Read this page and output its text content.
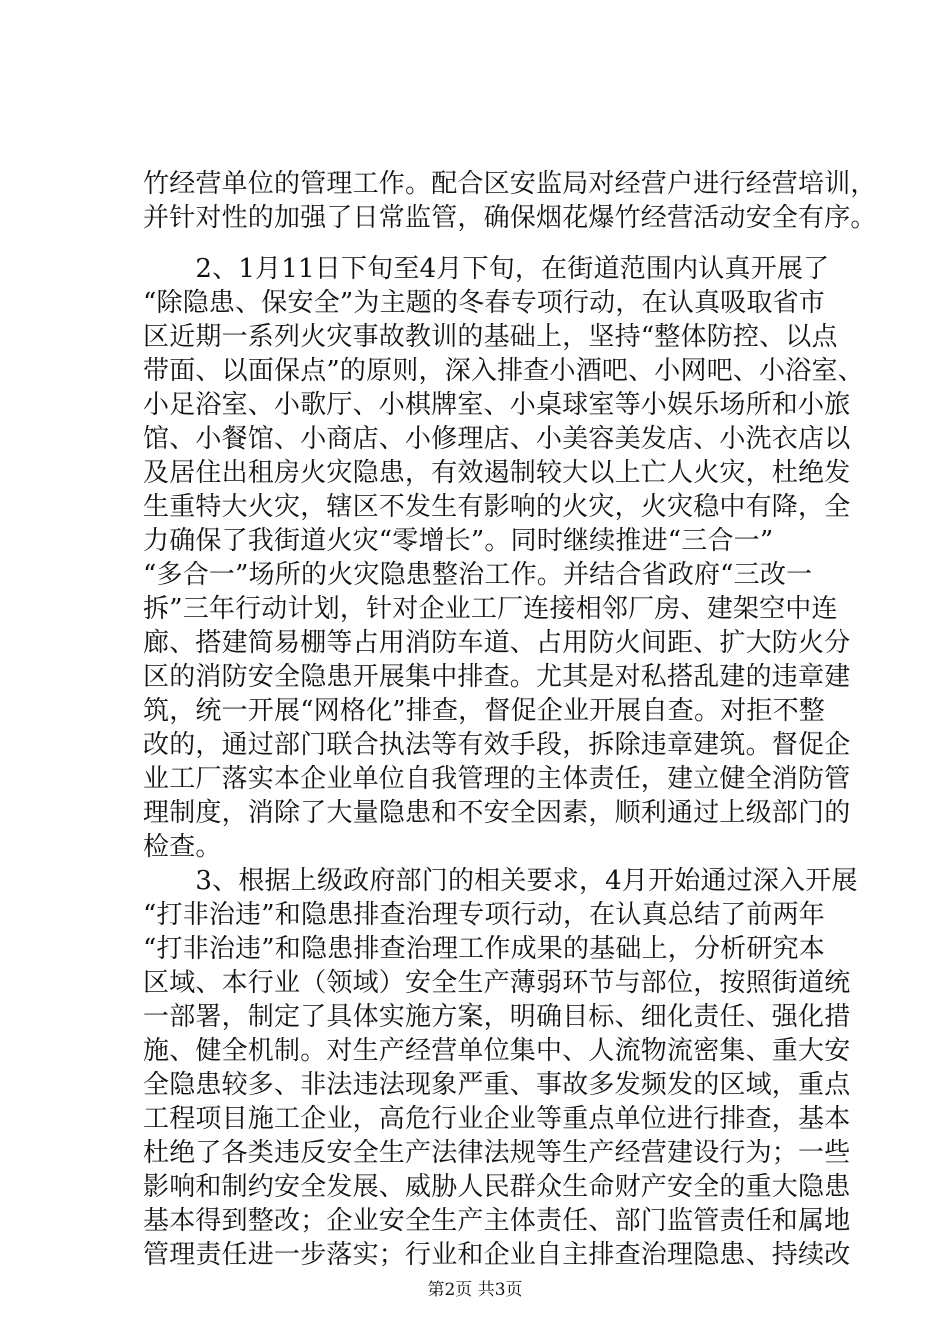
竹经营单位的管理工作。配合区安监局对经营户进行经营培训，
并针对性的加强了日常监管，确保烟花爆竹经营活动安全有序。
　　2、1月11日下旬至4月下旬，在街道范围内认真开展了
“除隐患、保安全”为主题的冬春专项行动，在认真吸取省市
区近期一系列火灾事故教训的基础上，坚持“整体防控、以点
带面、以面保点”的原则，深入排查小酒吧、小网吧、小浴室、
小足浴室、小歌厅、小棋牌室、小桌球室等小娱乐场所和小旅
馆、小餐馆、小商店、小修理店、小美容美发店、小洗衣店以
及居住出租房火灾隐患，有效遏制较大以上亡人火灾，杜绝发
生重特大火灾，辖区不发生有影响的火灾，火灾稳中有降，全
力确保了我街道火灾“零增长”。同时继续推进“三合一”
“多合一”场所的火灾隐患整治工作。并结合省政府“三改一
拆”三年行动计划，针对企业工厂连接相邻厂房、建架空中连
廊、搭建简易棚等占用消防车道、占用防火间距、扩大防火分
区的消防安全隐患开展集中排查。尤其是对私搭乱建的违章建
筑，统一开展“网格化”排查，督促企业开展自查。对拒不整
改的，通过部门联合执法等有效手段，拆除违章建筑。督促企
业工厂落实本企业单位自我管理的主体责任，建立健全消防管
理制度，消除了大量隐患和不安全因素，顺利通过上级部门的
检查。
　　3、根据上级政府部门的相关要求，4月开始通过深入开展
“打非治违”和隐患排查治理专项行动，在认真总结了前两年
“打非治违”和隐患排查治理工作成果的基础上，分析研究本
区域、本行业（领域）安全生产薄弱环节与部位，按照街道统
一部署，制定了具体实施方案，明确目标、细化责任、强化措
施、健全机制。对生产经营单位集中、人流物流密集、重大安
全隐患较多、非法违法现象严重、事故多发频发的区域，重点
工程项目施工企业，高危行业企业等重点单位进行排查，基本
杜绝了各类违反安全生产法律法规等生产经营建设行为；一些
影响和制约安全发展、威胁人民群众生命财产安全的重大隐患
基本得到整改；企业安全生产主体责任、部门监管责任和属地
管理责任进一步落实；行业和企业自主排查治理隐患、持续改
第2页 共3页
